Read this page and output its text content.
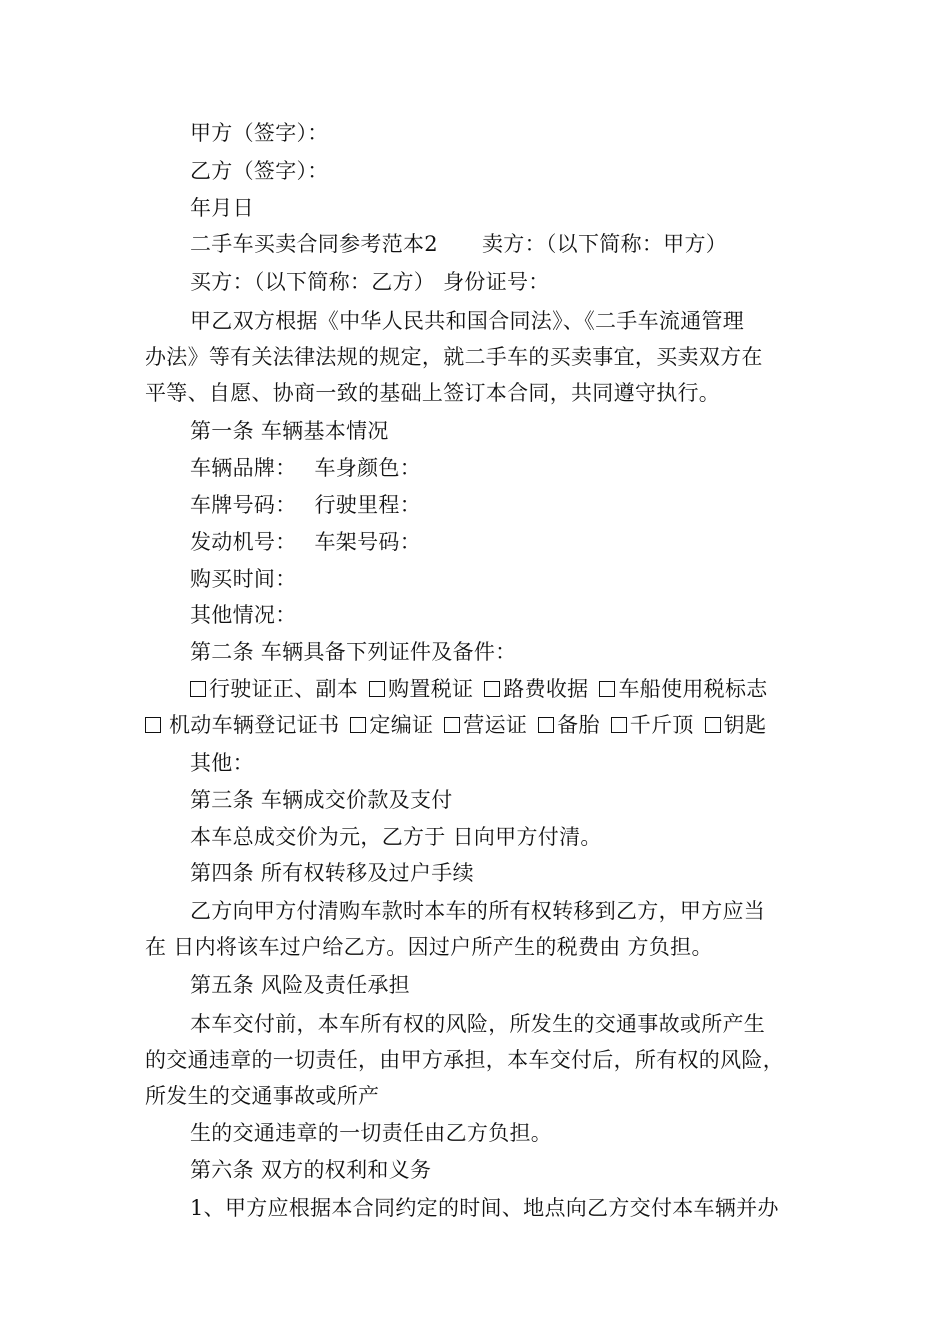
甲方（签字）：
乙方（签字）：
年月日
二手车买卖合同参考范本2 卖方：（以下简称：甲方）
买方：（以下简称：乙方） 身份证号：
甲乙双方根据《中华人民共和国合同法》、《二手车流通管理
办法》等有关法律法规的规定，就二手车的买卖事宜，买卖双方在
平等、自愿、协商一致的基础上签订本合同，共同遵守执行。
第一条 车辆基本情况
车辆品牌： 车身颜色：
车牌号码： 行驶里程：
发动机号： 车架号码：
购买时间：
其他情况：
第二条 车辆具备下列证件及备件：
行驶证正、副本 购置税证 路费收据 车船使用税标志
机动车辆登记证书 定编证 营运证 备胎 千斤顶 钥匙
其他：
第三条 车辆成交价款及支付
本车总成交价为元，乙方于 日向甲方付清。
第四条 所有权转移及过户手续
乙方向甲方付清购车款时本车的所有权转移到乙方，甲方应当
在 日内将该车过户给乙方。因过户所产生的税费由 方负担。
第五条 风险及责任承担
本车交付前，本车所有权的风险，所发生的交通事故或所产生
的交通违章的一切责任，由甲方承担，本车交付后，所有权的风险，
所发生的交通事故或所产
生的交通违章的一切责任由乙方负担。
第六条 双方的权利和义务
1、甲方应根据本合同约定的时间、地点向乙方交付本车辆并办
